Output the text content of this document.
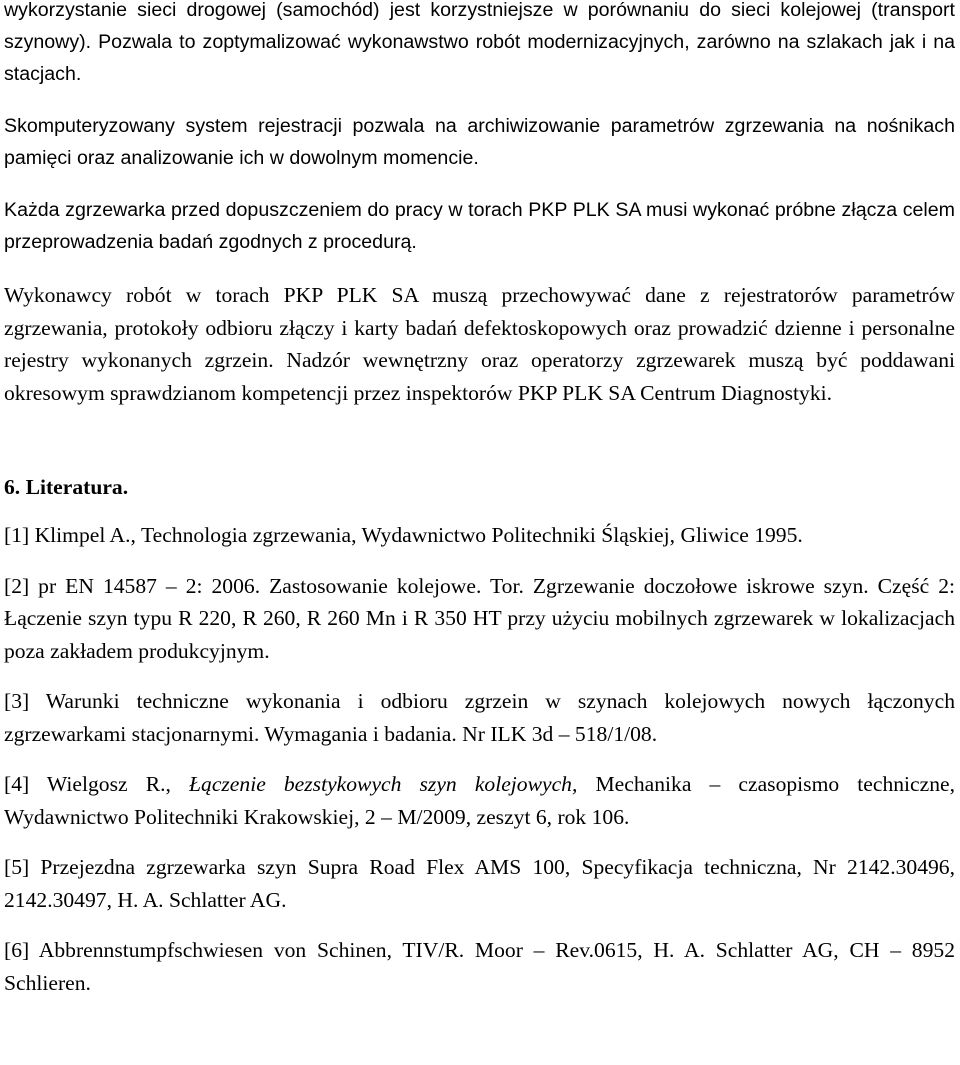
wykorzystanie sieci drogowej (samochód) jest korzystniejsze w porównaniu do sieci kolejowej (transport szynowy). Pozwala to zoptymalizować wykonawstwo robót modernizacyjnych, zarówno na szlakach jak i na stacjach.

Skomputeryzowany system rejestracji pozwala na archiwizowanie parametrów zgrzewania na nośnikach pamięci oraz analizowanie ich w dowolnym momencie.

Każda zgrzewarka przed dopuszczeniem do pracy w torach PKP PLK SA musi wykonać próbne złącza celem przeprowadzenia badań zgodnych z procedurą.

Wykonawcy robót w torach PKP PLK SA muszą przechowywać dane z rejestratorów parametrów zgrzewania, protokoły odbioru złączy i karty badań defektoskopowych oraz prowadzić dzienne i personalne rejestry wykonanych zgrzein. Nadzór wewnętrzny oraz operatorzy zgrzewarek muszą być poddawani okresowym sprawdzianom kompetencji przez inspektorów PKP PLK SA Centrum Diagnostyki.

6. Literatura.

[1] Klimpel A., Technologia zgrzewania, Wydawnictwo Politechniki Śląskiej, Gliwice 1995.

[2] pr EN 14587 – 2: 2006. Zastosowanie kolejowe. Tor. Zgrzewanie doczołowe iskrowe szyn. Część 2: Łączenie szyn typu R 220, R 260, R 260 Mn i R 350 HT przy użyciu mobilnych zgrzewarek w lokalizacjach poza zakładem produkcyjnym.

[3] Warunki techniczne wykonania i odbioru zgrzein w szynach kolejowych nowych łączonych zgrzewarkami stacjonarnymi. Wymagania i badania. Nr ILK 3d – 518/1/08.

[4] Wielgosz R., Łączenie bezstykowych szyn kolejowych, Mechanika – czasopismo techniczne, Wydawnictwo Politechniki Krakowskiej, 2 – M/2009, zeszyt 6, rok 106.

[5] Przejezdna zgrzewarka szyn Supra Road Flex AMS 100, Specyfikacja techniczna, Nr 2142.30496, 2142.30497, H. A. Schlatter AG.

[6] Abbrennstumpfschwiesen von Schinen, TIV/R. Moor – Rev.0615, H. A. Schlatter AG, CH – 8952 Schlieren.
